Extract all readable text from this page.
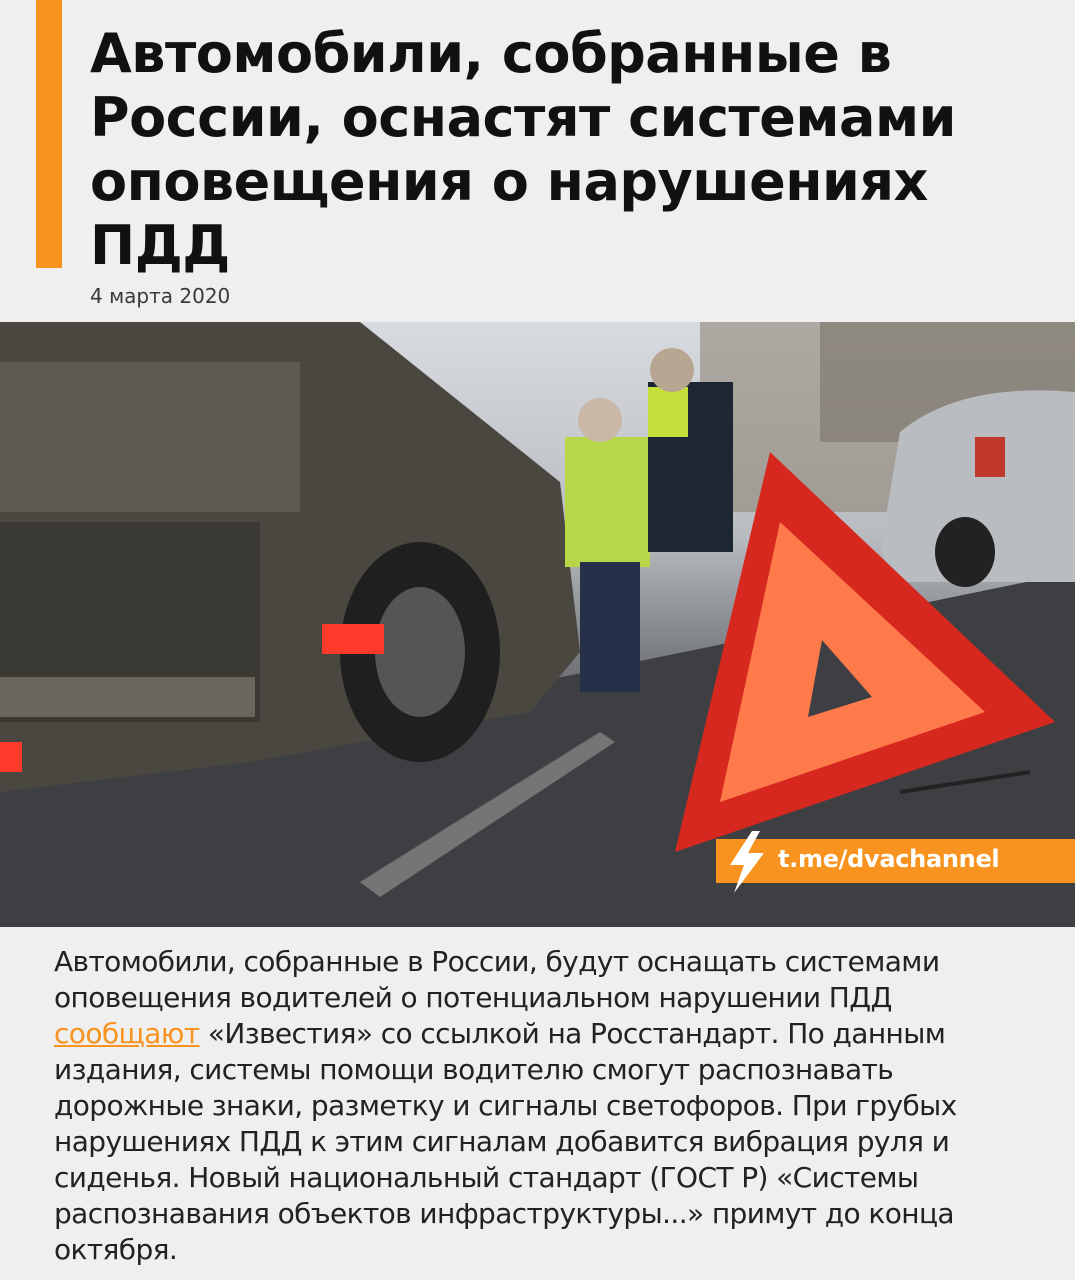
Автомобили, собранные в России, оснастят системами оповещения о нарушениях ПДД
4 марта 2020
t.me/dvachannel

Автомобили, собранные в России, будут оснащать системами оповещения водителей о потенциальном нарушении ПДД сообщают «Известия» со ссылкой на Росстандарт. По данным издания, системы помощи водителю смогут распознавать дорожные знаки, разметку и сигналы светофоров. При грубых нарушениях ПДД к этим сигналам добавится вибрация руля и сиденья. Новый национальный стандарт (ГОСТ Р) «Системы распознавания объектов инфраструктуры...» примут до конца октября.
